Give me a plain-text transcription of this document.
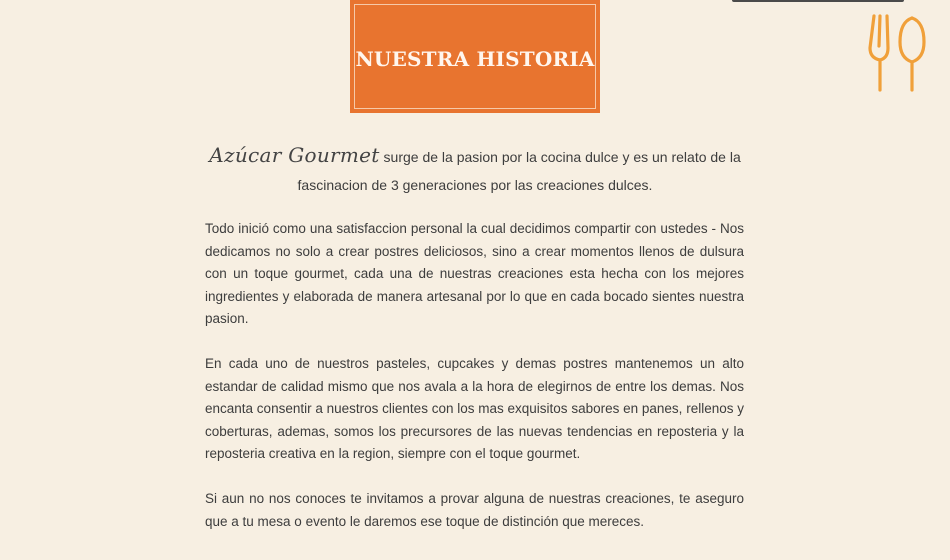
NUESTRA HISTORIA
Azúcar Gourmet surge de la pasion por la cocina dulce y es un relato de la
fascinacion de 3 generaciones por las creaciones dulces.

Todo inició como una satisfaccion personal la cual decidimos compartir con ustedes - Nos dedicamos no solo a crear postres deliciosos, sino a crear momentos llenos de dulsura con un toque gourmet, cada una de nuestras creaciones esta hecha con los mejores ingredientes y elaborada de manera artesanal por lo que en cada bocado sientes nuestra pasion.

En cada uno de nuestros pasteles, cupcakes y demas postres mantenemos un alto estandar de calidad mismo que nos avala a la hora de elegirnos de entre los demas. Nos encanta consentir a nuestros clientes con los mas exquisitos sabores en panes, rellenos y coberturas, ademas, somos los precursores de las nuevas tendencias en reposteria y la reposteria creativa en la region, siempre con el toque gourmet.

Si aun no nos conoces te invitamos a provar alguna de nuestras creaciones, te aseguro que a tu mesa o evento le daremos ese toque de distinción que mereces.
